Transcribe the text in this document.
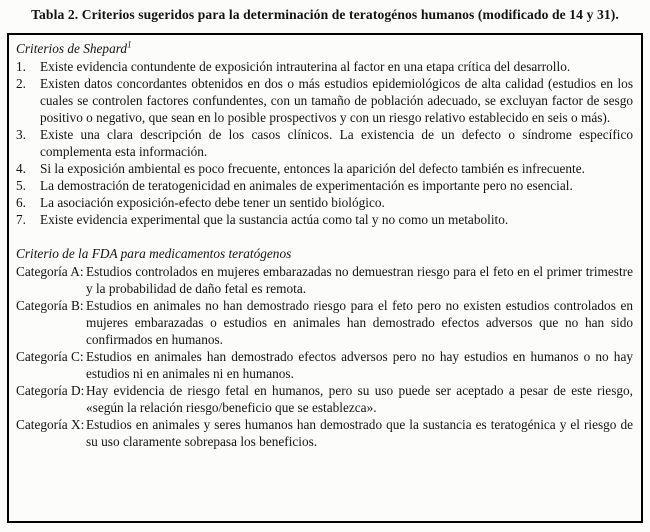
Tabla 2. Criterios sugeridos para la determinación de teratogénos humanos (modificado de 14 y 31).
Criterios de Shepard$^1$
1.	Existe evidencia contundente de exposición intrauterina al factor en una etapa crítica del desarrollo.
2.	Existen datos concordantes obtenidos en dos o más estudios epidemiológicos de alta calidad (estudios en los cuales se controlen factores confundentes, con un tamaño de población adecuado, se excluyan factor de sesgo positivo o negativo, que sean en lo posible prospectivos y con un riesgo relativo establecido en seis o más).
3.	Existe una clara descripción de los casos clínicos. La existencia de un defecto o síndrome específico complementa esta información.
4.	Si la exposición ambiental es poco frecuente, entonces la aparición del defecto también es infrecuente.
5.	La demostración de teratogenicidad en animales de experimentación es importante pero no esencial.
6.	La asociación exposición-efecto debe tener un sentido biológico.
7.	Existe evidencia experimental que la sustancia actúa como tal y no como un metabolito.
Criterio de la FDA para medicamentos teratógenos
Categoría A: Estudios controlados en mujeres embarazadas no demuestran riesgo para el feto en el primer trimestre y la probabilidad de daño fetal es remota.
Categoría B: Estudios en animales no han demostrado riesgo para el feto pero no existen estudios controlados en mujeres embarazadas o estudios en animales han demostrado efectos adversos que no han sido confirmados en humanos.
Categoría C: Estudios en animales han demostrado efectos adversos pero no hay estudios en humanos o no hay estudios ni en animales ni en humanos.
Categoría D: Hay evidencia de riesgo fetal en humanos, pero su uso puede ser aceptado a pesar de este riesgo, «según la relación riesgo/beneficio que se establezca».
Categoría X: Estudios en animales y seres humanos han demostrado que la sustancia es teratogénica y el riesgo de su uso claramente sobrepasa los beneficios.
